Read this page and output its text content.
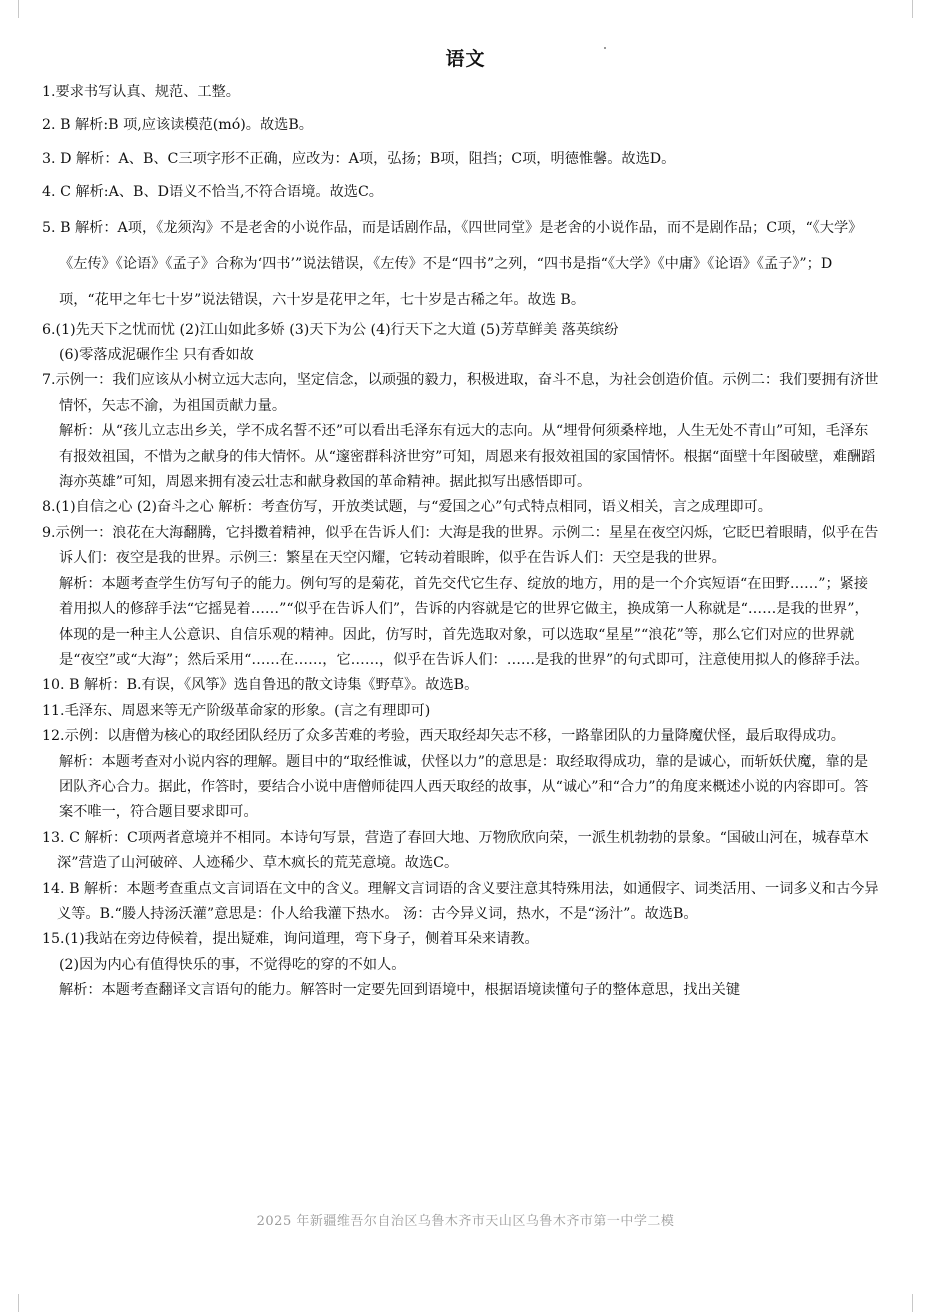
语文

1.要求书写认真、规范、工整。

2. B 解析:B 项,应该读模范(mó)。故选B。

3. D 解析：A、B、C三项字形不正确，应改为：A项，弘扬；B项，阻挡；C项，明德惟馨。故选D。

4. C 解析:A、B、D语义不恰当,不符合语境。故选C。

5. B 解析：A项，《龙须沟》不是老舍的小说作品，而是话剧作品，《四世同堂》是老舍的小说作品，而不是剧作品；C项，“《大学》《左传》《论语》《孟子》合称为‘四书’”说法错误，《左传》不是“四书”之列，“四书是指“《大学》《中庸》《论语》《孟子》”；D项，“花甲之年七十岁”说法错误，六十岁是花甲之年，七十岁是古稀之年。故选 B。

6.(1)先天下之忧而忧 (2)江山如此多娇 (3)天下为公 (4)行天下之大道 (5)芳草鲜美 落英缤纷

(6)零落成泥碾作尘 只有香如故

7.示例一：我们应该从小树立远大志向，坚定信念，以顽强的毅力，积极进取，奋斗不息，为社会创造价值。示例二：我们要拥有济世情怀，矢志不渝，为祖国贡献力量。

解析：从“孩儿立志出乡关，学不成名誓不还”可以看出毛泽东有远大的志向。从“埋骨何须桑梓地，人生无处不青山”可知，毛泽东有报效祖国，不惜为之献身的伟大情怀。从“邃密群科济世穷”可知，周恩来有报效祖国的家国情怀。根据“面壁十年图破壁，难酬蹈海亦英雄”可知，周恩来拥有凌云壮志和献身救国的革命精神。据此拟写出感悟即可。

8.(1)自信之心 (2)奋斗之心 解析：考查仿写，开放类试题，与“爱国之心”句式特点相同，语义相关，言之成理即可。

9.示例一：浪花在大海翻腾，它抖擞着精神，似乎在告诉人们：大海是我的世界。示例二：星星在夜空闪烁，它眨巴着眼睛，似乎在告诉人们：夜空是我的世界。示例三：繁星在天空闪耀，它转动着眼眸，似乎在告诉人们：天空是我的世界。

解析：本题考查学生仿写句子的能力。例句写的是菊花，首先交代它生存、绽放的地方，用的是一个介宾短语“在田野……”；紧接着用拟人的修辞手法“它摇晃着……”“似乎在告诉人们”，告诉的内容就是它的世界它做主，换成第一人称就是“……是我的世界”，体现的是一种主人公意识、自信乐观的精神。因此，仿写时，首先选取对象，可以选取“星星”“浪花”等，那么它们对应的世界就是“夜空”或“大海”；然后采用“……在……，它……，似乎在告诉人们：……是我的世界”的句式即可，注意使用拟人的修辞手法。

10. B 解析：B.有误，《风筝》选自鲁迅的散文诗集《野草》。故选B。

11.毛泽东、周恩来等无产阶级革命家的形象。(言之有理即可)

12.示例：以唐僧为核心的取经团队经历了众多苦难的考验，西天取经却矢志不移，一路靠团队的力量降魔伏怪，最后取得成功。

解析：本题考查对小说内容的理解。题目中的“取经惟诚，伏怪以力”的意思是：取经取得成功，靠的是诚心，而斩妖伏魔，靠的是团队齐心合力。据此，作答时，要结合小说中唐僧师徒四人西天取经的故事，从“诚心”和“合力”的角度来概述小说的内容即可。答案不唯一，符合题目要求即可。

13. C 解析：C项两者意境并不相同。本诗句写景，营造了春回大地、万物欣欣向荣，一派生机勃勃的景象。“国破山河在，城春草木深”营造了山河破碎、人迹稀少、草木疯长的荒芜意境。故选C。

14. B 解析：本题考查重点文言词语在文中的含义。理解文言词语的含义要注意其特殊用法，如通假字、词类活用、一词多义和古今异义等。B.“媵人持汤沃灌”意思是：仆人给我灌下热水。 汤：古今异义词，热水，不是“汤汁”。故选B。

15.(1)我站在旁边侍候着，提出疑难，询问道理，弯下身子，侧着耳朵来请教。

(2)因为内心有值得快乐的事，不觉得吃的穿的不如人。

解析：本题考查翻译文言语句的能力。解答时一定要先回到语境中，根据语境读懂句子的整体意思，找出关键

2025 年新疆维吾尔自治区乌鲁木齐市天山区乌鲁木齐市第一中学二模
